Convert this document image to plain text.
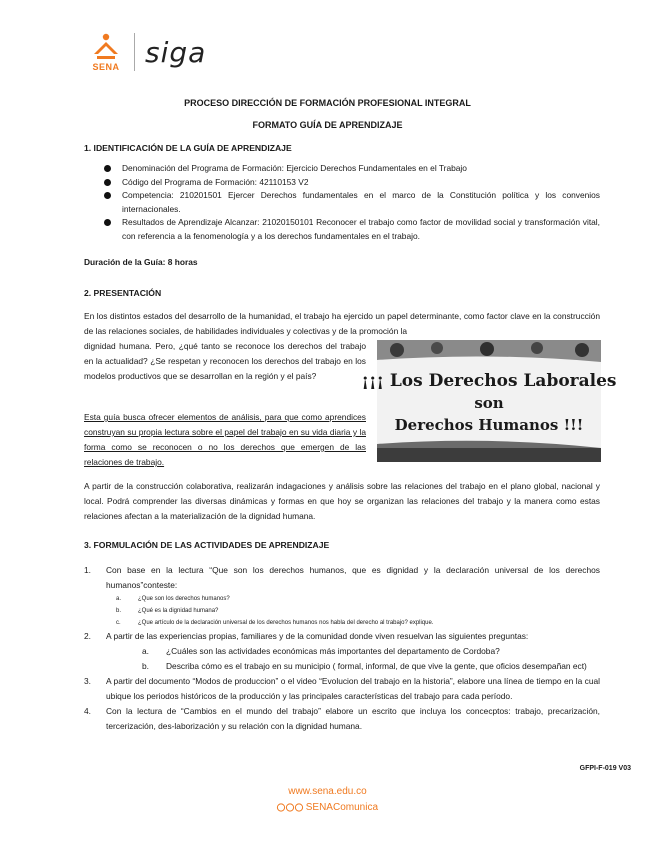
SENA siga
PROCESO DIRECCIÓN DE FORMACIÓN PROFESIONAL INTEGRAL
FORMATO GUÍA DE APRENDIZAJE
1. IDENTIFICACIÓN DE LA GUÍA DE APRENDIZAJE
Denominación del Programa de Formación: Ejercicio Derechos Fundamentales en el Trabajo
Código del Programa de Formación: 42110153 V2
Competencia: 210201501 Ejercer Derechos fundamentales en el marco de la Constitución política y los convenios internacionales.
Resultados de Aprendizaje Alcanzar: 21020150101 Reconocer el trabajo como factor de movilidad social y transformación vital, con referencia a la fenomenología y a los derechos fundamentales en el trabajo.
Duración de la Guía: 8 horas
2. PRESENTACIÓN
En los distintos estados del desarrollo de la humanidad, el trabajo ha ejercido un papel determinante, como factor clave en la construcción de las relaciones sociales, de habilidades individuales y colectivas y de la promoción la
dignidad humana. Pero, ¿qué tanto se reconoce los derechos del trabajo en la actualidad? ¿Se respetan y reconocen los derechos del trabajo en los modelos productivos que se desarrollan en la región y el país?
Esta guía busca ofrecer elementos de análisis, para que como aprendices construyan su propia lectura sobre el papel del trabajo en su vida diaria y la forma como se reconocen o no los derechos que emergen de las relaciones de trabajo.
¡¡¡ Los Derechos Laborales
son
Derechos Humanos !!!
A partir de la construcción colaborativa, realizarán indagaciones y análisis sobre las relaciones del trabajo en el plano global, nacional y local. Podrá comprender las diversas dinámicas y formas en que hoy se organizan las relaciones del trabajo y la manera como estas relaciones afectan a la materialización de la dignidad humana.
3. FORMULACIÓN DE LAS ACTIVIDADES DE APRENDIZAJE
1. Con base en la lectura “Que son los derechos humanos, que es dignidad y la declaración universal de los derechos humanos”conteste:
a.	¿Que son los derechos humanos?
b.	¿Qué es la dignidad humana?
c.	¿Que artículo de la declaración universal de los derechos humanos nos habla del derecho al trabajo? explique.
2. A partir de las experiencias propias, familiares y de la comunidad donde viven resuelvan las siguientes preguntas:
a. ¿Cuáles son las actividades económicas más importantes del departamento de Cordoba?
b. Describa cómo es el trabajo en su municipio ( formal, informal, de que vive la gente, que oficios desempañan ect)
3. A partir del documento “Modos de produccion” o el video “Evolucion del trabajo en la historia”, elabore una línea de tiempo en la cual ubique los periodos históricos de la producción y las principales características del trabajo para cada período.
4. Con la lectura de “Cambios en el mundo del trabajo” elabore un escrito que incluya los concecptos: trabajo, precarización, tercerización, des-laborización y su relación con la dignidad humana.
GFPI-F-019 V03
www.sena.edu.co
SENAComunica
